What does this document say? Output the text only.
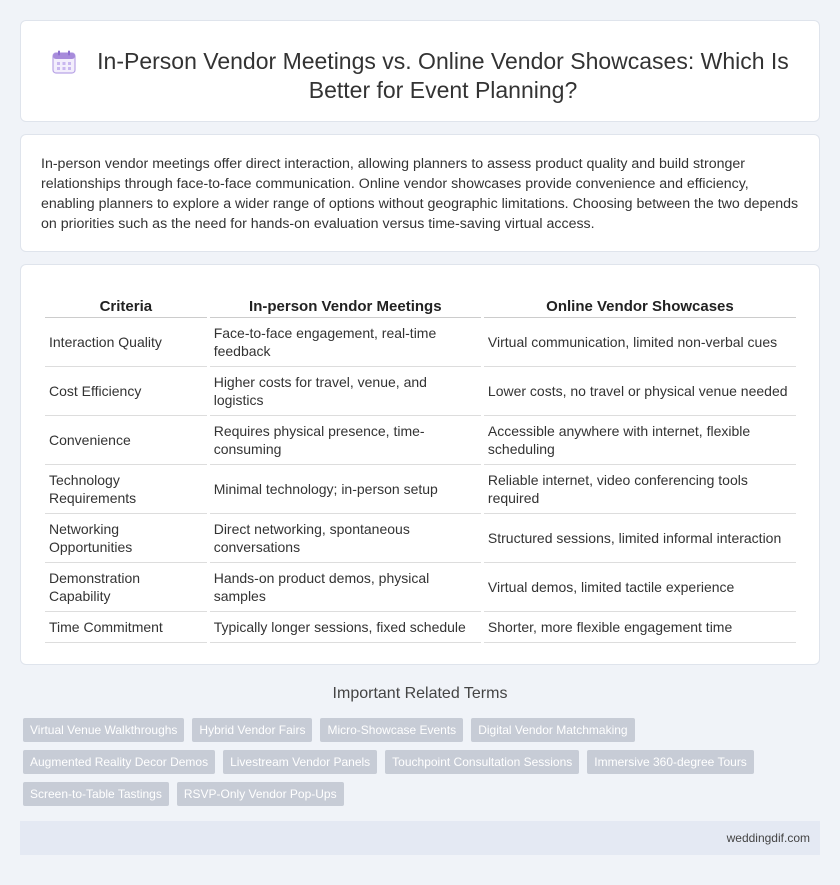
In-Person Vendor Meetings vs. Online Vendor Showcases: Which Is Better for Event Planning?

In-person vendor meetings offer direct interaction, allowing planners to assess product quality and build stronger relationships through face-to-face communication. Online vendor showcases provide convenience and efficiency, enabling planners to explore a wider range of options without geographic limitations. Choosing between the two depends on priorities such as the need for hands-on evaluation versus time-saving virtual access.

Criteria	In-person Vendor Meetings	Online Vendor Showcases
Interaction Quality	Face-to-face engagement, real-time feedback	Virtual communication, limited non-verbal cues
Cost Efficiency	Higher costs for travel, venue, and logistics	Lower costs, no travel or physical venue needed
Convenience	Requires physical presence, time-consuming	Accessible anywhere with internet, flexible scheduling
Technology Requirements	Minimal technology; in-person setup	Reliable internet, video conferencing tools required
Networking Opportunities	Direct networking, spontaneous conversations	Structured sessions, limited informal interaction
Demonstration Capability	Hands-on product demos, physical samples	Virtual demos, limited tactile experience
Time Commitment	Typically longer sessions, fixed schedule	Shorter, more flexible engagement time
Important Related Terms
Virtual Venue Walkthroughs	Hybrid Vendor Fairs	Micro-Showcase Events	Digital Vendor Matchmaking
Augmented Reality Decor Demos	Livestream Vendor Panels	Touchpoint Consultation Sessions	Immersive 360-degree Tours
Screen-to-Table Tastings	RSVP-Only Vendor Pop-Ups
weddingdif.com
